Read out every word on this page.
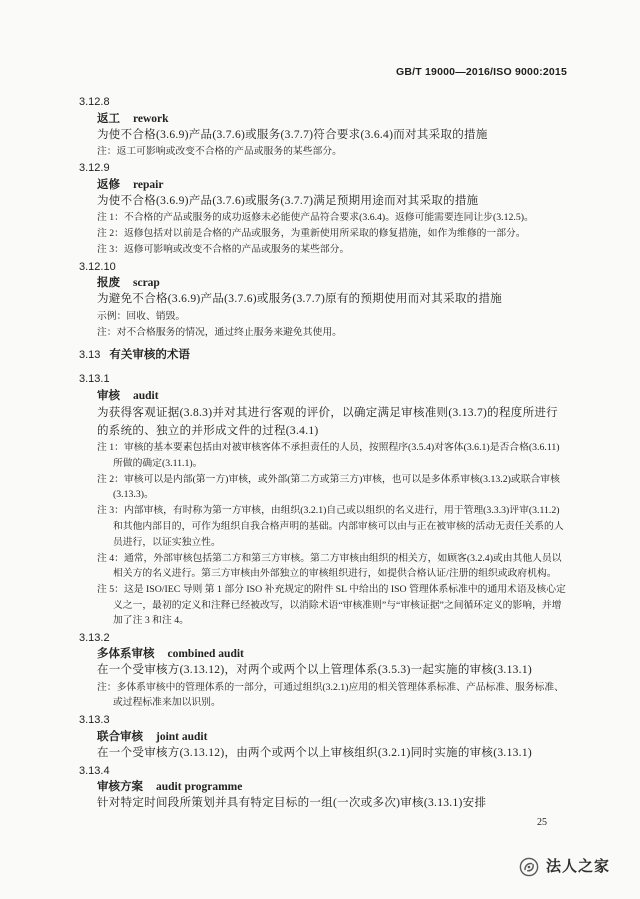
GB/T 19000—2016/ISO 9000:2015
3.12.8
返工 rework
为使不合格(3.6.9)产品(3.7.6)或服务(3.7.7)符合要求(3.6.4)而对其采取的措施
注：返工可影响或改变不合格的产品或服务的某些部分。
3.12.9
返修 repair
为使不合格(3.6.9)产品(3.7.6)或服务(3.7.7)满足预期用途而对其采取的措施
注 1：不合格的产品或服务的成功返修未必能使产品符合要求(3.6.4)。返修可能需要连同让步(3.12.5)。
注 2：返修包括对以前是合格的产品或服务，为重新使用所采取的修复措施，如作为维修的一部分。
注 3：返修可影响或改变不合格的产品或服务的某些部分。
3.12.10
报废 scrap
为避免不合格(3.6.9)产品(3.7.6)或服务(3.7.7)原有的预期使用而对其采取的措施
示例：回收、销毁。
注：对不合格服务的情况，通过终止服务来避免其使用。
3.13 有关审核的术语
3.13.1
审核 audit
为获得客观证据(3.8.3)并对其进行客观的评价，以确定满足审核准则(3.13.7)的程度所进行的系统的、独立的并形成文件的过程(3.4.1)
注 1：审核的基本要素包括由对被审核客体不承担责任的人员，按照程序(3.5.4)对客体(3.6.1)是否合格(3.6.11)所做的确定(3.11.1)。
注 2：审核可以是内部(第一方)审核，或外部(第二方或第三方)审核，也可以是多体系审核(3.13.2)或联合审核(3.13.3)。
注 3：内部审核，有时称为第一方审核，由组织(3.2.1)自己或以组织的名义进行，用于管理(3.3.3)评审(3.11.2)和其他内部目的，可作为组织自我合格声明的基础。内部审核可以由与正在被审核的活动无责任关系的人员进行，以证实独立性。
注 4：通常，外部审核包括第二方和第三方审核。第二方审核由组织的相关方，如顾客(3.2.4)或由其他人员以相关方的名义进行。第三方审核由外部独立的审核组织进行，如提供合格认证/注册的组织或政府机构。
注 5：这是 ISO/IEC 导则 第 1 部分 ISO 补充规定的附件 SL 中给出的 ISO 管理体系标准中的通用术语及核心定义之一，最初的定义和注释已经被改写，以消除术语“审核准则”与“审核证据”之间循环定义的影响，并增加了注 3 和注 4。
3.13.2
多体系审核 combined audit
在一个受审核方(3.13.12)，对两个或两个以上管理体系(3.5.3)一起实施的审核(3.13.1)
注：多体系审核中的管理体系的一部分，可通过组织(3.2.1)应用的相关管理体系标准、产品标准、服务标准、或过程标准来加以识别。
3.13.3
联合审核 joint audit
在一个受审核方(3.13.12)，由两个或两个以上审核组织(3.2.1)同时实施的审核(3.13.1)
3.13.4
审核方案 audit programme
针对特定时间段所策划并具有特定目标的一组(一次或多次)审核(3.13.1)安排
25
法人之家
